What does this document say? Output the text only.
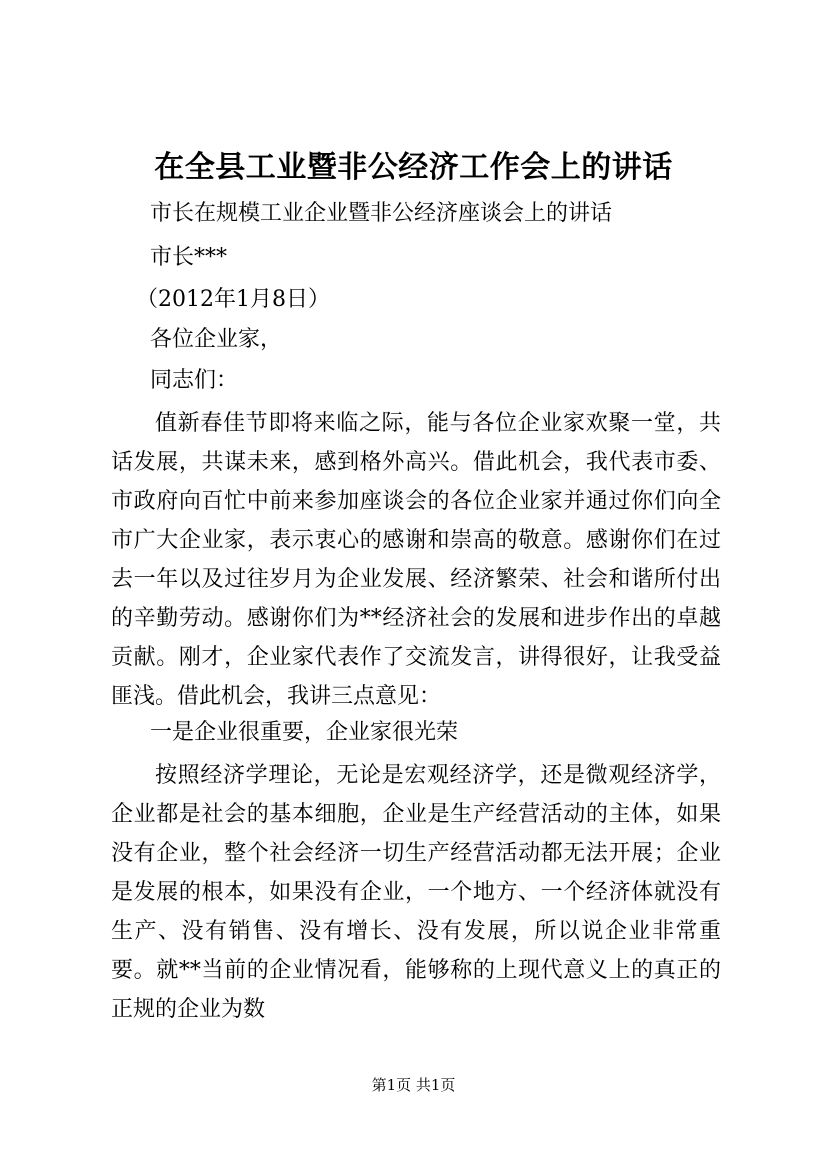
在全县工业暨非公经济工作会上的讲话
市长在规模工业企业暨非公经济座谈会上的讲话
市长***
（2012年1月8日）
各位企业家，
同志们：
值新春佳节即将来临之际，能与各位企业家欢聚一堂，共话发展，共谋未来，感到格外高兴。借此机会，我代表市委、市政府向百忙中前来参加座谈会的各位企业家并通过你们向全市广大企业家，表示衷心的感谢和崇高的敬意。感谢你们在过去一年以及过往岁月为企业发展、经济繁荣、社会和谐所付出的辛勤劳动。感谢你们为**经济社会的发展和进步作出的卓越贡献。刚才，企业家代表作了交流发言，讲得很好，让我受益匪浅。借此机会，我讲三点意见：
一是企业很重要，企业家很光荣
按照经济学理论，无论是宏观经济学，还是微观经济学，企业都是社会的基本细胞，企业是生产经营活动的主体，如果没有企业，整个社会经济一切生产经营活动都无法开展；企业是发展的根本，如果没有企业，一个地方、一个经济体就没有生产、没有销售、没有增长、没有发展，所以说企业非常重要。就**当前的企业情况看，能够称的上现代意义上的真正的正规的企业为数
第1页 共1页
